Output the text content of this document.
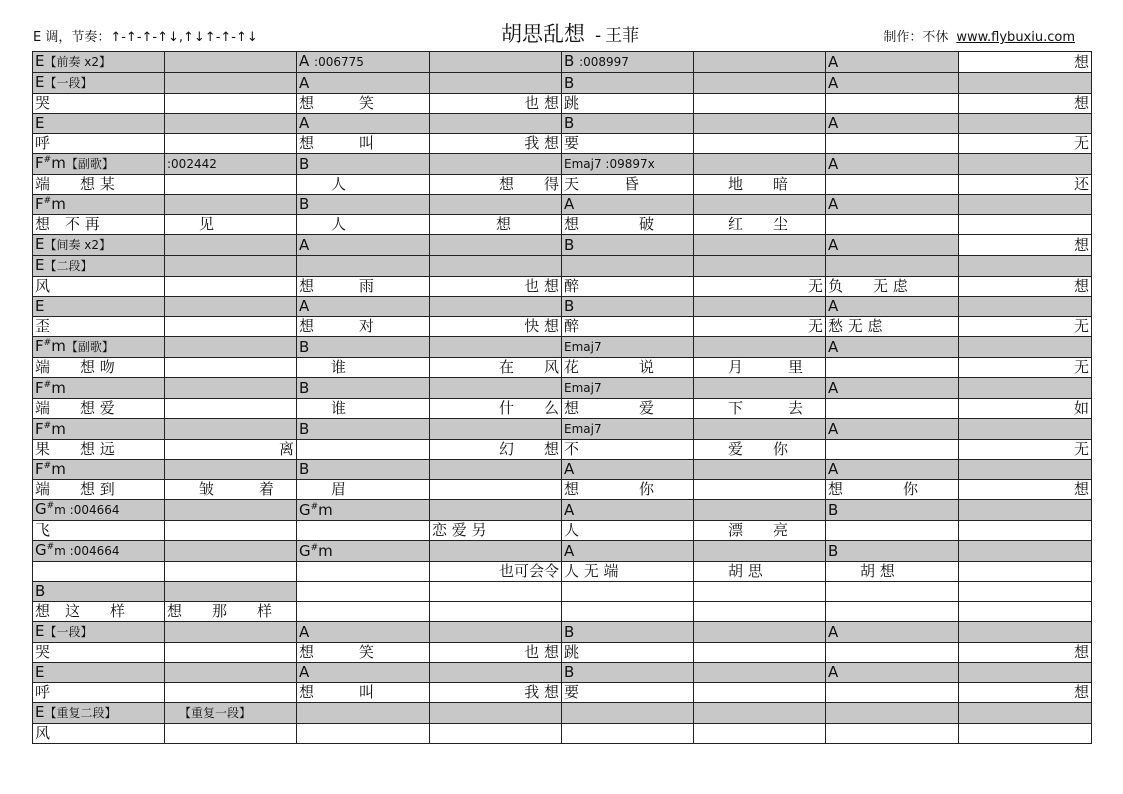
E 调，节奏：↑-↑-↑-↑↓,↑↓↑-↑-↑↓	胡思乱想 - 王菲	制作：不休 www.flybuxiu.com
E【前奏 x2】		A :006775		B :008997		A	想
E【一段】		A		B		A	
哭		想　　　笑	也 想	跳			想
E		A		B		A	
呼		想　　　叫	我 想	要			无
F#m【副歌】	:002442	B		Emaj7 :09897x		A	
端　　想 某		人	想　　得	天　　　昏	地　　暗		还
F#m		B		A		A	
想　不 再	见	人	想	想　　　　破	红　　尘		
E【间奏 x2】		A		B		A	想
E【二段】							
风		想　　　雨	也 想	醉	无	负　　无 虑	想
E		A		B		A	
歪		想　　　对	快 想	醉	无	愁 无 虑	无
F#m【副歌】		B		Emaj7		A	
端　　想 吻		谁	在　　风	花　　　　说	月　　　里		无
F#m		B		Emaj7		A	
端　　想 爱		谁	什　　么	想　　　　爱	下　　　去		如
F#m		B		Emaj7		A	
果　　想 远	离		幻　　想	不	爱　　你		无
F#m		B		A		A	
端　　想 到	皱　　　着	眉		想　　　　你		想　　　　你	想
G#m :004664		G#m		A		B	
飞			恋 爱 另	人	漂　　亮		
G#m :004664		G#m		A		B	
			也可会令	人 无 端	胡 思	胡 想	
B							
想　这　　样	想　　那　　样						
E【一段】		A		B		A	
哭		想　　　笑	也 想	跳			想
E		A		B		A	
呼		想　　　叫	我 想	要			想
E【重复二段】	【重复一段】						
风							
